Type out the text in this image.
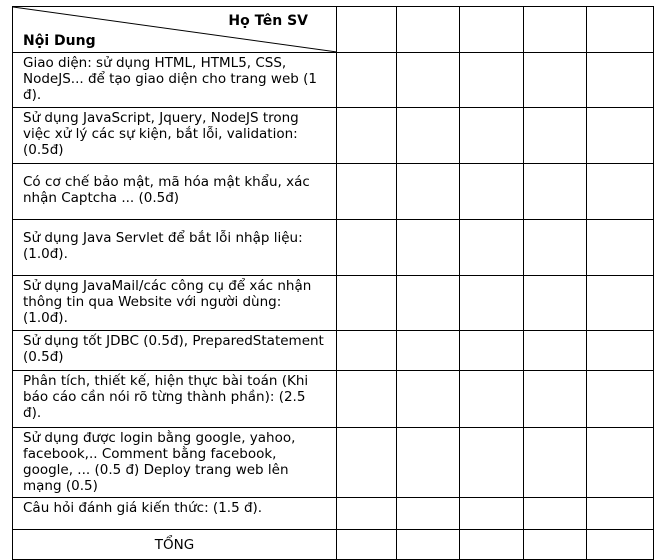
Họ Tên SV
Nội Dung					

Giao diện: sử dụng HTML, HTML5, CSS, NodeJS... để tạo giao diện cho trang web (1 đ).					

Sử dụng JavaScript, Jquery, NodeJS trong việc xử lý các sự kiện, bắt lỗi, validation: (0.5đ)					

Có cơ chế bảo mật, mã hóa mật khẩu, xác nhận Captcha ... (0.5đ)					

Sử dụng Java Servlet để bắt lỗi nhập liệu: (1.0đ).					

Sử dụng JavaMail/các công cụ để xác nhận thông tin qua Website với người dùng: (1.0đ).					

Sử dụng tốt JDBC (0.5đ), PreparedStatement (0.5đ)					

Phân tích, thiết kế, hiện thực bài toán (Khi báo cáo cần nói rõ từng thành phần): (2.5 đ).					

Sử dụng được login bằng google, yahoo, facebook,.. Comment bằng facebook, google, ... (0.5 đ) Deploy trang web lên mạng (0.5)					

Câu hỏi đánh giá kiến thức: (1.5 đ).					

TỔNG					
